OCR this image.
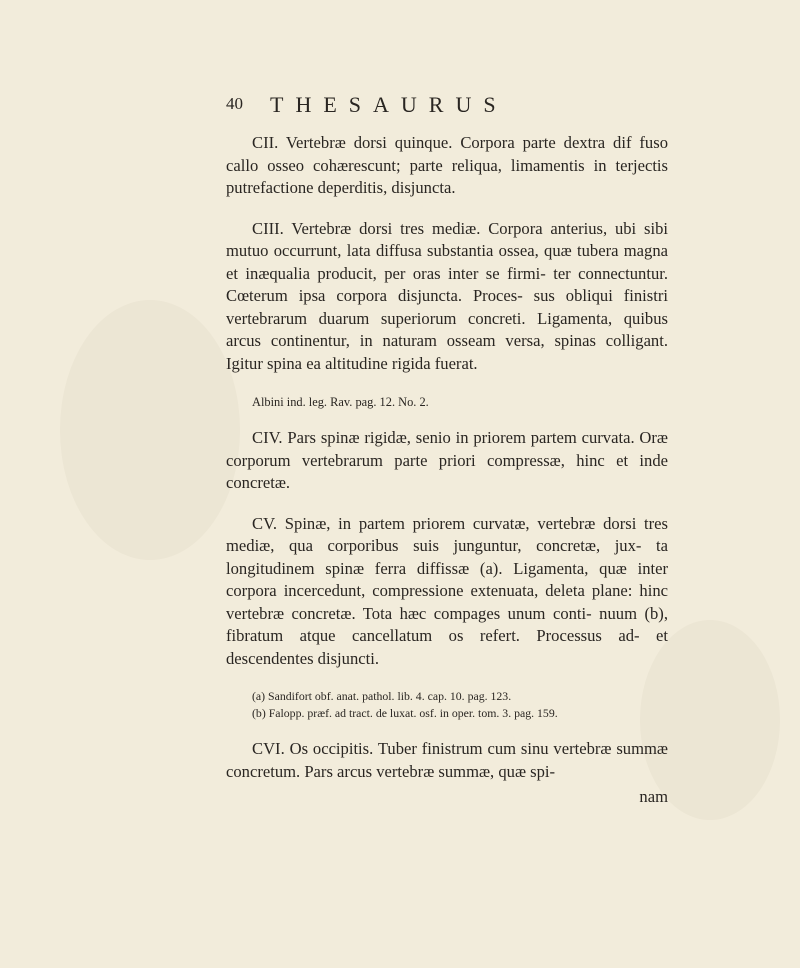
40 THESAURUS

CII. Vertebræ dorsi quinque. Corpora parte dextra dif fuso callo osseo cohærescunt; parte reliqua, limamentis in terjectis putrefactione deperditis, disjuncta.

CIII. Vertebræ dorsi tres mediæ. Corpora anterius, ubi sibi mutuo occurrunt, lata diffusa substantia ossea, quæ tubera magna et inæqualia producit, per oras inter se firmi- ter connectuntur. Cœterum ipsa corpora disjuncta. Proces- sus obliqui finistri vertebrarum duarum superiorum concreti. Ligamenta, quibus arcus continentur, in naturam osseam versa, spinas colligant. Igitur spina ea altitudine rigida fuerat.

Albini ind. leg. Rav. pag. 12. No. 2.

CIV. Pars spinæ rigidæ, senio in priorem partem curvata. Oræ corporum vertebrarum parte priori compressæ, hinc et inde concretæ.

CV. Spinæ, in partem priorem curvatæ, vertebræ dorsi tres mediæ, qua corporibus suis junguntur, concretæ, jux- ta longitudinem spinæ ferra diffissæ (a). Ligamenta, quæ inter corpora incercedunt, compressione extenuata, deleta plane: hinc vertebræ concretæ. Tota hæc compages unum conti- nuum (b), fibratum atque cancellatum os refert. Processus ad- et descendentes disjuncti.

(a) Sandifort obf. anat. pathol. lib. 4. cap. 10. pag. 123.

(b) Falopp. præf. ad tract. de luxat. osf. in oper. tom. 3. pag. 159.

CVI. Os occipitis. Tuber finistrum cum sinu vertebræ summæ concretum. Pars arcus vertebræ summæ, quæ spi-

nam
